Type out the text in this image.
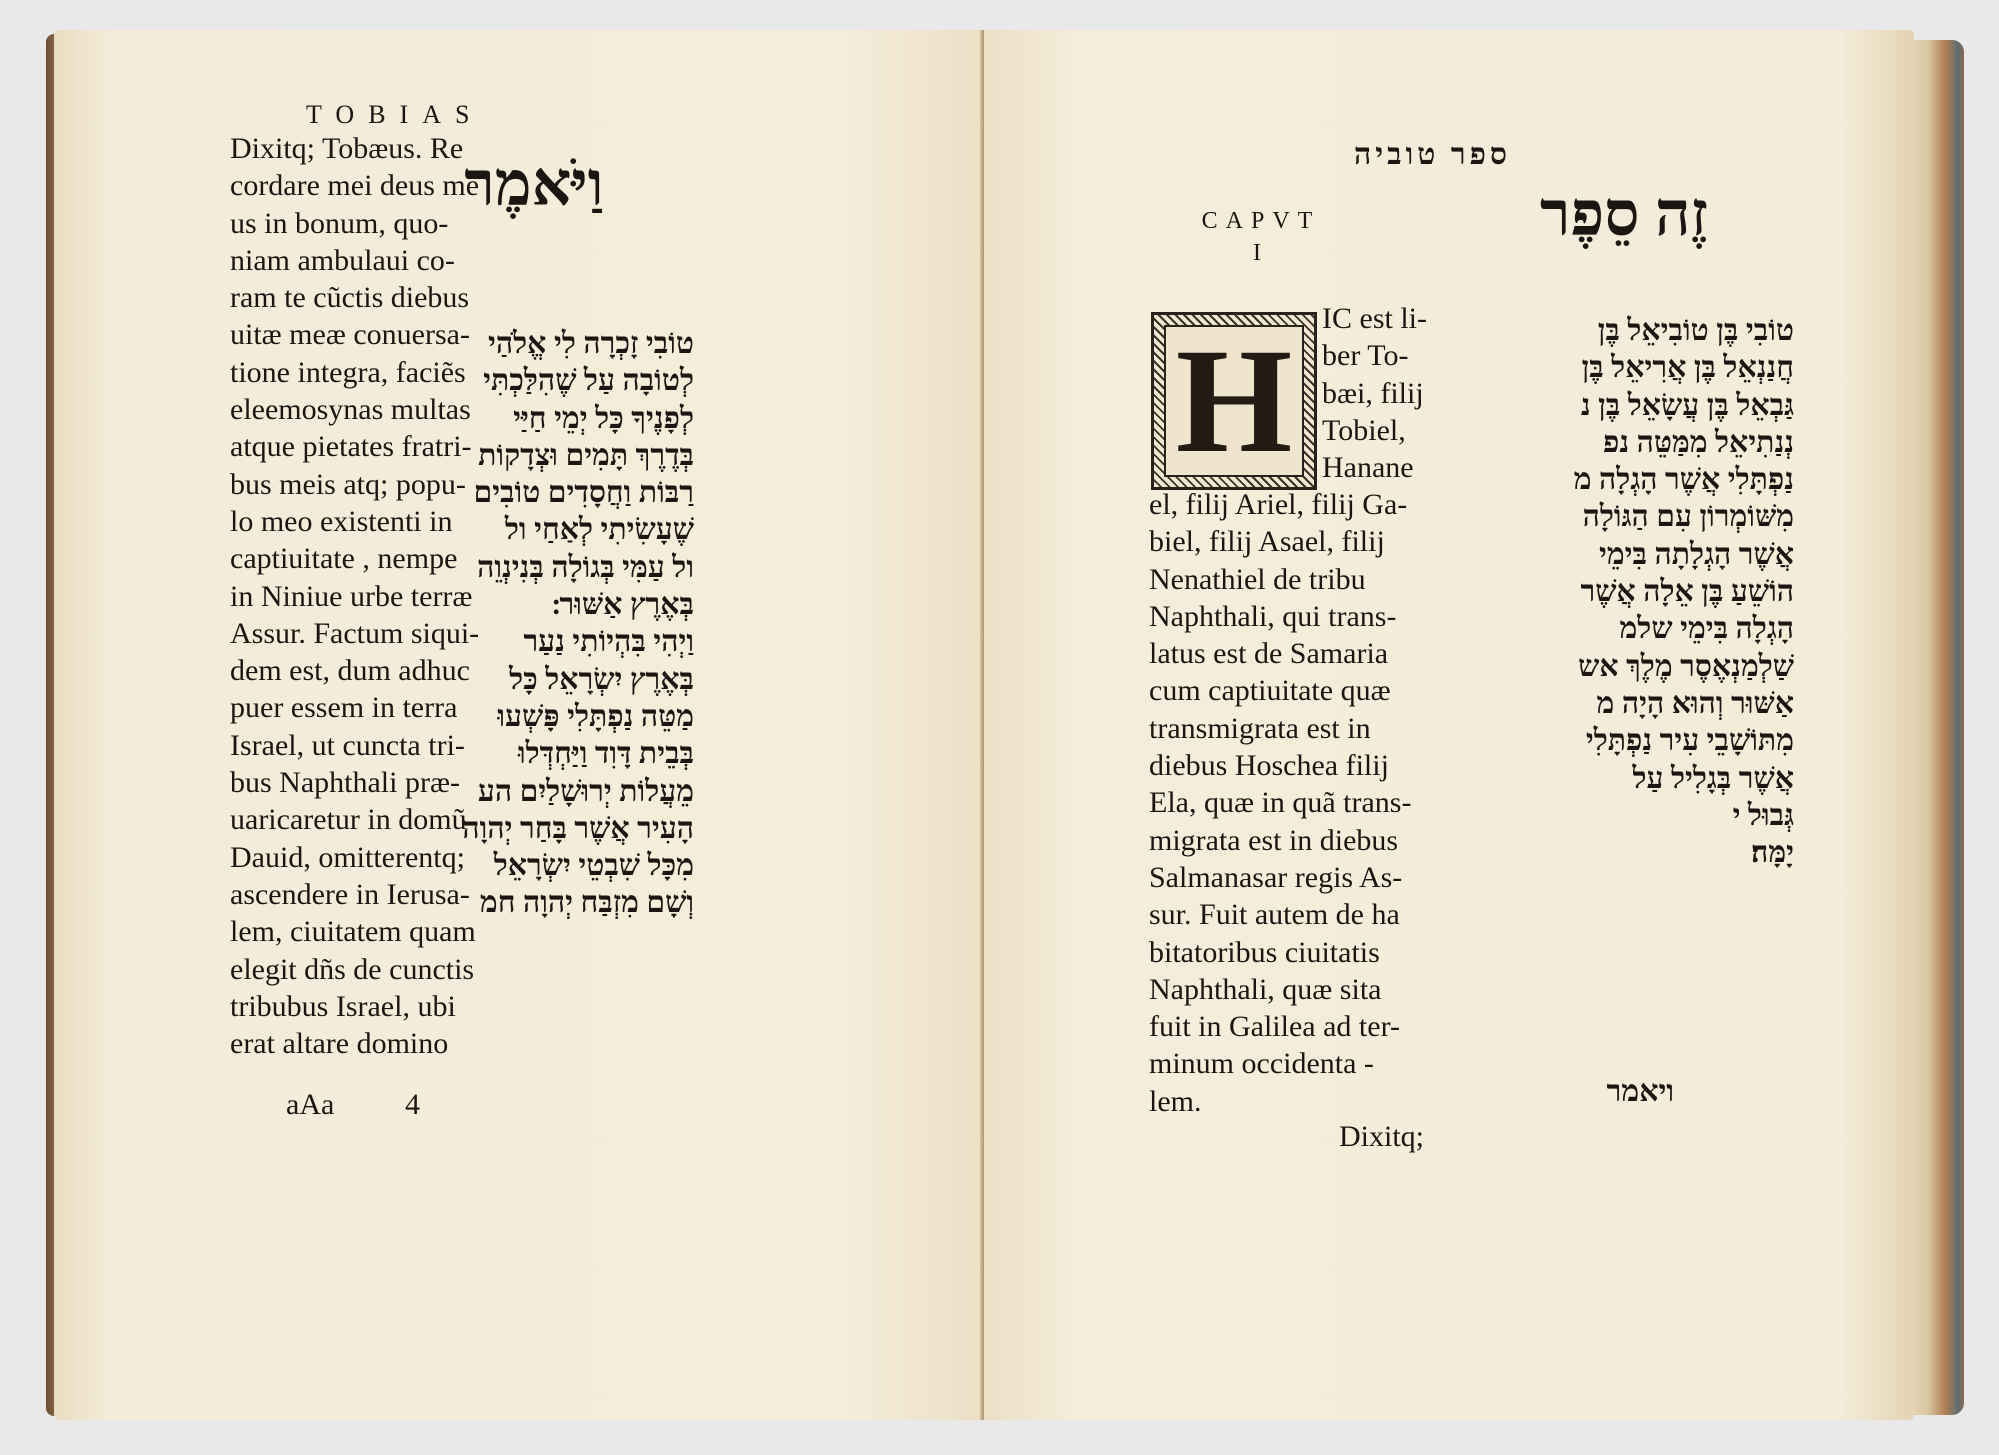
TOBIAS
Dixitq; Tobæus. Re
cordare mei deus me
us in bonum, quo-
niam ambulaui co-
ram te cũctis diebus
uitæ meæ conuersa-
tione integra, faciẽs
eleemosynas multas
atque pietates fratri-
bus meis atq; popu-
lo meo existenti in
captiuitate , nempe
in Niniue urbe terræ
Assur. Factum siqui-
dem est, dum adhuc
puer essem in terra
Israel, ut cuncta tri-
bus Naphthali præ-
uaricaretur in domũ
Dauid, omitterentq;
ascendere in Ierusa-
lem, ciuitatem quam
elegit dñs de cunctis
tribubus Israel, ubi
erat altare domino
וַיֹּאמֶר
טוֹבִי זָכְרָה לִי אֱלֹהַי
לְטוֹבָה עַל שֶׁהִלַּכְתִּי
לְפָנֶיךָ כָּל יְמֵי חַיַּי
בְּדֶרֶךְ תָּמִים וּצְדָקוֹת
רַבּוֹת וַחֲסָדִים טוֹבִים
שֶׁעָשִׂיתִי לְאַחַי ול
ול עַמִּי בְּגוֹלָה בְּנִינְוֵה
בְּאֶרֶץ אַשּׁוּר ׃
וַיְהִי בִּהְיוֹתִי נַעַר
בְּאֶרֶץ יִשְׂרָאֵל כָּל
מַטֵּה נַפְתָּלִי פָּשְׁעוּ
בְּבֵית דָּוִד וַיַּחְדְּלוּ
מֵעֲלוֹת יְרוּשָׁלַיִם הע
הָעִיר אֲשֶׁר בָּחַר יְהוָה
מִכָּל שִׁבְטֵי יִשְׂרָאֵל
וְשָׁם מִזְבַּח יְהוָה חמ
aAa 4
ספר טוביה
CAPVT
I
H IC est li-
ber To-
bæi, filij
Tobiel,
Hanane
el, filij Ariel, filij Ga-
biel, filij Asael, filij
Nenathiel de tribu
Naphthali, qui trans-
latus est de Samaria
cum captiuitate quæ
transmigrata est in
diebus Hoschea filij
Ela, quæ in quã trans-
migrata est in diebus
Salmanasar regis As-
sur. Fuit autem de ha
bitatoribus ciuitatis
Naphthali, quæ sita
fuit in Galilea ad ter-
minum occidenta -
lem.
Dixitq;
זֶה סֵפֶר
טוֹבִי בֶּן טוֹבִיאֵל בֶּן
חֲנַנְאֵל בֶּן אֲרִיאֵל בֶּן
גַּבְאֵל בֶּן עֲשָׂאֵל בֶּן נ
נְנַתִיאֵל מִמַּטֵּה נפ
נַפְתָּלִי אֲשֶׁר הָגְלָה מ
מִשּׁוֹמְרוֹן עִם הַגּוֹלָה
אֲשֶׁר הָגְלָתָה בִּימֵי
הוֹשֵׁעַ בֶּן אֵלָה אֲשֶׁר
הָגְלָה בִּימֵי שלמ
שַׁלְמַנְאֶסֶר מֶלֶךְ אש
אַשּׁוּר וְהוּא הָיָה מ
מִתּוֹשָׁבֵי עִיר נַפְתָּלִי
אֲשֶׁר בְּגָלִיל עַל
גְּבוּל י
יָמָּה׃
ויאמר
